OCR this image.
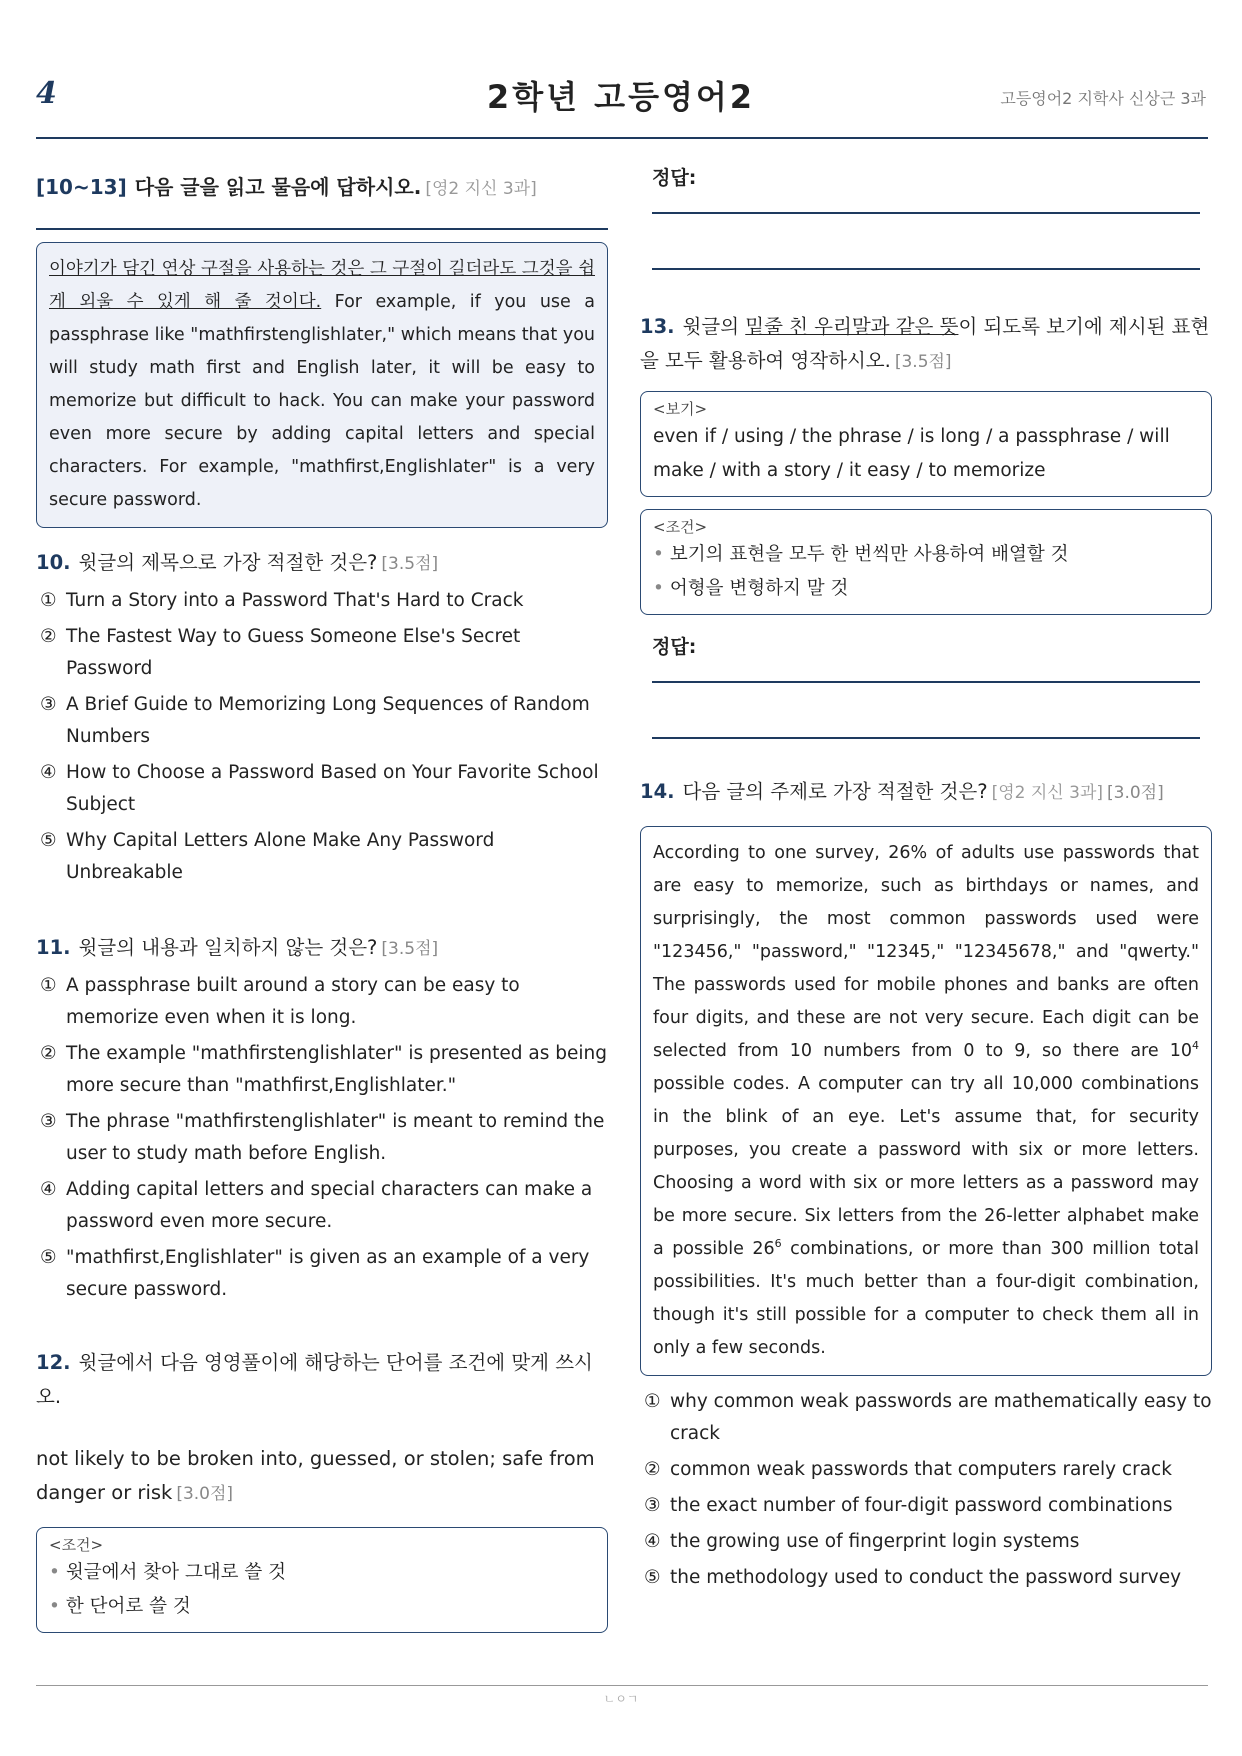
4	2학년 고등영어2	고등영어2 지학사 신상근 3과
[10~13] 다음 글을 읽고 물음에 답하시오. [영2 지신 3과]
이야기가 담긴 연상 구절을 사용하는 것은 그 구절이 길더라도 그것을 쉽게 외울 수 있게 해 줄 것이다. For example, if you use a passphrase like "mathfirstenglishlater," which means that you will study math first and English later, it will be easy to memorize but difficult to hack. You can make your password even more secure by adding capital letters and special characters. For example, "mathfirst,Englishlater" is a very secure password.
10. 윗글의 제목으로 가장 적절한 것은? [3.5점]
① Turn a Story into a Password That's Hard to Crack
② The Fastest Way to Guess Someone Else's Secret Password
③ A Brief Guide to Memorizing Long Sequences of Random Numbers
④ How to Choose a Password Based on Your Favorite School Subject
⑤ Why Capital Letters Alone Make Any Password Unbreakable
11. 윗글의 내용과 일치하지 않는 것은? [3.5점]
① A passphrase built around a story can be easy to memorize even when it is long.
② The example "mathfirstenglishlater" is presented as being more secure than "mathfirst,Englishlater."
③ The phrase "mathfirstenglishlater" is meant to remind the user to study math before English.
④ Adding capital letters and special characters can make a password even more secure.
⑤ "mathfirst,Englishlater" is given as an example of a very secure password.
12. 윗글에서 다음 영영풀이에 해당하는 단어를 조건에 맞게 쓰시오.
not likely to be broken into, guessed, or stolen; safe from danger or risk [3.0점]
<조건>
• 윗글에서 찾아 그대로 쓸 것
• 한 단어로 쓸 것
정답:
13. 윗글의 밑줄 친 우리말과 같은 뜻이 되도록 보기에 제시된 표현을 모두 활용하여 영작하시오. [3.5점]
<보기>
even if / using / the phrase / is long / a passphrase / will make / with a story / it easy / to memorize
<조건>
• 보기의 표현을 모두 한 번씩만 사용하여 배열할 것
• 어형을 변형하지 말 것
정답:
14. 다음 글의 주제로 가장 적절한 것은? [영2 지신 3과] [3.0점]
According to one survey, 26% of adults use passwords that are easy to memorize, such as birthdays or names, and surprisingly, the most common passwords used were "123456," "password," "12345," "12345678," and "qwerty." The passwords used for mobile phones and banks are often four digits, and these are not very secure. Each digit can be selected from 10 numbers from 0 to 9, so there are $10^4$ possible codes. A computer can try all 10,000 combinations in the blink of an eye. Let's assume that, for security purposes, you create a password with six or more letters. Choosing a word with six or more letters as a password may be more secure. Six letters from the 26-letter alphabet make a possible $26^6$ combinations, or more than 300 million total possibilities. It's much better than a four-digit combination, though it's still possible for a computer to check them all in only a few seconds.
① why common weak passwords are mathematically easy to crack
② common weak passwords that computers rarely crack
③ the exact number of four-digit password combinations
④ the growing use of fingerprint login systems
⑤ the methodology used to conduct the password survey
ㄴㅇㄱ
